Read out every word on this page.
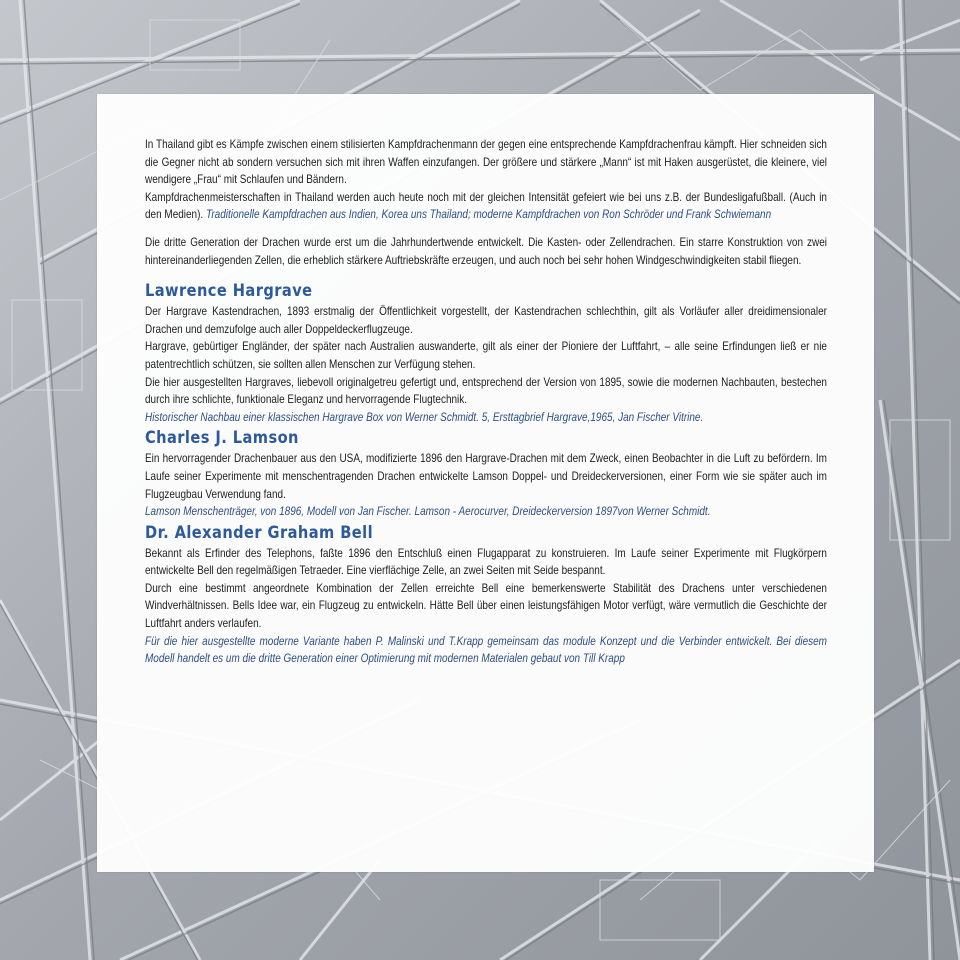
In Thailand gibt es Kämpfe zwischen einem stilisierten Kampfdrachenmann der gegen eine entsprechende Kampfdrachenfrau kämpft. Hier schneiden sich die Gegner nicht ab sondern versuchen sich mit ihren Waffen einzufangen. Der größere und stärkere „Mann“ ist mit Haken ausgerüstet, die kleinere, viel wendigere „Frau“ mit Schlaufen und Bändern.

Kampfdrachenmeisterschaften in Thailand werden auch heute noch mit der gleichen Intensität gefeiert wie bei uns z.B. der Bundesligafußball. (Auch in den Medien). Traditionelle Kampfdrachen aus Indien, Korea uns Thailand; moderne Kampfdrachen von Ron Schröder und Frank Schwiemann

Die dritte Generation der Drachen wurde erst um die Jahrhundertwende entwickelt. Die Kasten- oder Zellendrachen. Ein starre Konstruktion von zwei hintereinanderliegenden Zellen, die erheblich stärkere Auftriebskräfte erzeugen, und auch noch bei sehr hohen Windgeschwindigkeiten stabil fliegen.

Lawrence Hargrave

Der Hargrave Kastendrachen, 1893 erstmalig der Öffentlichkeit vorgestellt, der Kastendrachen schlechthin, gilt als Vorläufer aller dreidimensionaler Drachen und demzufolge auch aller Doppeldeckerflugzeuge.

Hargrave, gebürtiger Engländer, der später nach Australien auswanderte, gilt als einer der Pioniere der Luftfahrt, – alle seine Erfindungen ließ er nie patentrechtlich schützen, sie sollten allen Menschen zur Verfügung stehen.

Die hier ausgestellten Hargraves, liebevoll originalgetreu gefertigt und, entsprechend der Version von 1895, sowie die modernen Nachbauten, bestechen durch ihre schlichte, funktionale Eleganz und hervorragende Flugtechnik.

Historischer Nachbau einer klassischen Hargrave Box von Werner Schmidt. 5, Ersttagbrief Hargrave,1965, Jan Fischer Vitrine.

Charles J. Lamson

Ein hervorragender Drachenbauer aus den USA, modifizierte 1896 den Hargrave-Drachen mit dem Zweck, einen Beobachter in die Luft zu befördern. Im Laufe seiner Experimente mit menschentragenden Drachen entwickelte Lamson Doppel- und Dreideckerversionen, einer Form wie sie später auch im Flugzeugbau Verwendung fand.

Lamson Menschenträger, von 1896, Modell von Jan Fischer. Lamson - Aerocurver, Dreideckerversion 1897von Werner Schmidt.

Dr. Alexander Graham Bell

Bekannt als Erfinder des Telephons, faßte 1896 den Entschluß einen Flugapparat zu konstruieren. Im Laufe seiner Experimente mit Flugkörpern entwickelte Bell den regelmäßigen Tetraeder. Eine vierflächige Zelle, an zwei Seiten mit Seide bespannt.

Durch eine bestimmt angeordnete Kombination der Zellen erreichte Bell eine bemerkenswerte Stabilität des Drachens unter verschiedenen Windverhältnissen. Bells Idee war, ein Flugzeug zu entwickeln. Hätte Bell über einen leistungsfähigen Motor verfügt, wäre vermutlich die Geschichte der Luftfahrt anders verlaufen.

Für die hier ausgestellte moderne Variante haben P. Malinski und T.Krapp gemeinsam das module Konzept und die Verbinder entwickelt. Bei diesem Modell handelt es um die dritte Generation einer Optimierung mit modernen Materialen gebaut von Till Krapp
